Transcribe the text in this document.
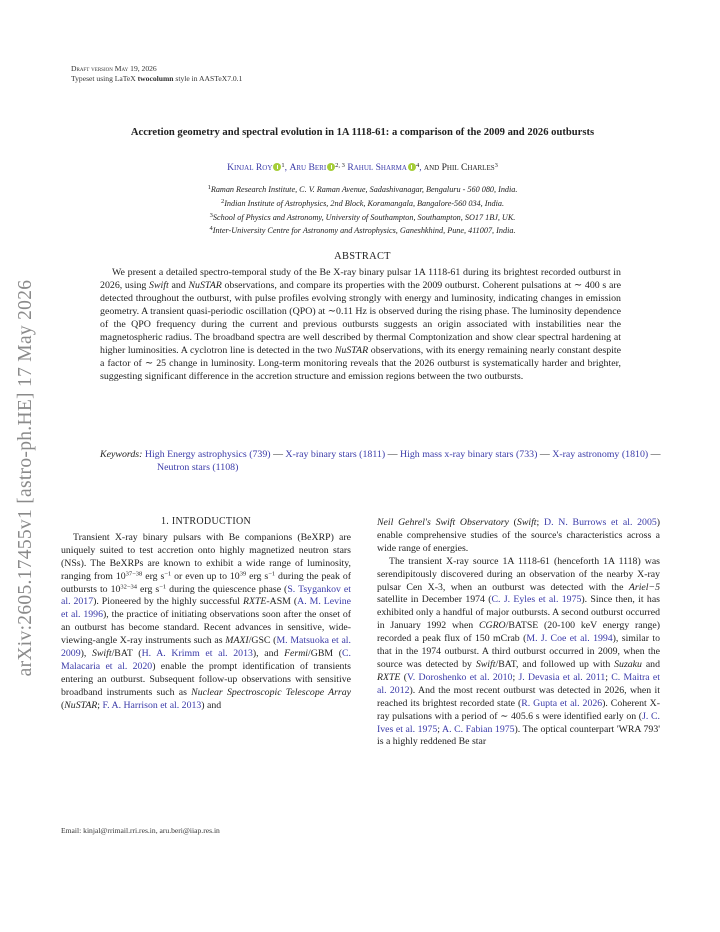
arXiv:2605.17455v1 [astro-ph.HE] 17 May 2026
Draft version May 19, 2026
Typeset using LaTeX twocolumn style in AASTeX7.0.1
Accretion geometry and spectral evolution in 1A 1118-61: a comparison of the 2009 and 2026 outbursts
Kinjal Roy $^1$, Aru Beri $^{2, 3}$ Rahul Sharma $^4$, and Phil Charles$^3$
$^1$Raman Research Institute, C. V. Raman Avenue, Sadashivanagar, Bengaluru - 560 080, India.
$^2$Indian Institute of Astrophysics, 2nd Block, Koramangala, Bangalore-560 034, India.
$^3$School of Physics and Astronomy, University of Southampton, Southampton, SO17 1BJ, UK.
$^4$Inter-University Centre for Astronomy and Astrophysics, Ganeshkhind, Pune, 411007, India.
ABSTRACT
We present a detailed spectro-temporal study of the Be X-ray binary pulsar 1A 1118-61 during its brightest recorded outburst in 2026, using Swift and NuSTAR observations, and compare its properties with the 2009 outburst. Coherent pulsations at ∼ 400 s are detected throughout the outburst, with pulse profiles evolving strongly with energy and luminosity, indicating changes in emission geometry. A transient quasi-periodic oscillation (QPO) at ∼0.11 Hz is observed during the rising phase. The luminosity dependence of the QPO frequency during the current and previous outbursts suggests an origin associated with instabilities near the magnetospheric radius. The broadband spectra are well described by thermal Comptonization and show clear spectral hardening at higher luminosities. A cyclotron line is detected in the two NuSTAR observations, with its energy remaining nearly constant despite a factor of ∼ 25 change in luminosity. Long-term monitoring reveals that the 2026 outburst is systematically harder and brighter, suggesting significant difference in the accretion structure and emission regions between the two outbursts.
Keywords: High Energy astrophysics (739) — X-ray binary stars (1811) — High mass x-ray binary stars (733) — X-ray astronomy (1810) — Neutron stars (1108)
1. INTRODUCTION

Transient X-ray binary pulsars with Be companions (BeXRP) are uniquely suited to test accretion onto highly magnetized neutron stars (NSs). The BeXRPs are known to exhibit a wide range of luminosity, ranging from $10^{37-38}$ erg $s^{-1}$ or even up to $10^{39}$ erg $s^{-1}$ during the peak of outbursts to $10^{32-34}$ erg $s^{-1}$ during the quiescence phase (S. Tsygankov et al. 2017). Pioneered by the highly successful RXTE-ASM (A. M. Levine et al. 1996), the practice of initiating observations soon after the onset of an outburst has become standard. Recent advances in sensitive, wide-viewing-angle X-ray instruments such as MAXI/GSC (M. Matsuoka et al. 2009), Swift/BAT (H. A. Krimm et al. 2013), and Fermi/GBM (C. Malacaria et al. 2020) enable the prompt identification of transients entering an outburst. Subsequent follow-up observations with sensitive broadband instruments such as Nuclear Spectroscopic Telescope Array (NuSTAR; F. A. Harrison et al. 2013) and

Neil Gehrel's Swift Observatory (Swift; D. N. Burrows et al. 2005) enable comprehensive studies of the source's characteristics across a wide range of energies.

The transient X-ray source 1A 1118-61 (henceforth 1A 1118) was serendipitously discovered during an observation of the nearby X-ray pulsar Cen X-3, when an outburst was detected with the Ariel−5 satellite in December 1974 (C. J. Eyles et al. 1975). Since then, it has exhibited only a handful of major outbursts. A second outburst occurred in January 1992 when CGRO/BATSE (20-100 keV energy range) recorded a peak flux of 150 mCrab (M. J. Coe et al. 1994), similar to that in the 1974 outburst. A third outburst occurred in 2009, when the source was detected by Swift/BAT, and followed up with Suzaku and RXTE (V. Doroshenko et al. 2010; J. Devasia et al. 2011; C. Maitra et al. 2012). And the most recent outburst was detected in 2026, when it reached its brightest recorded state (R. Gupta et al. 2026). Coherent X-ray pulsations with a period of ∼ 405.6 s were identified early on (J. C. Ives et al. 1975; A. C. Fabian 1975). The optical counterpart 'WRA 793' is a highly reddened Be star

Email: kinjal@rrimail.rri.res.in, aru.beri@iiap.res.in
